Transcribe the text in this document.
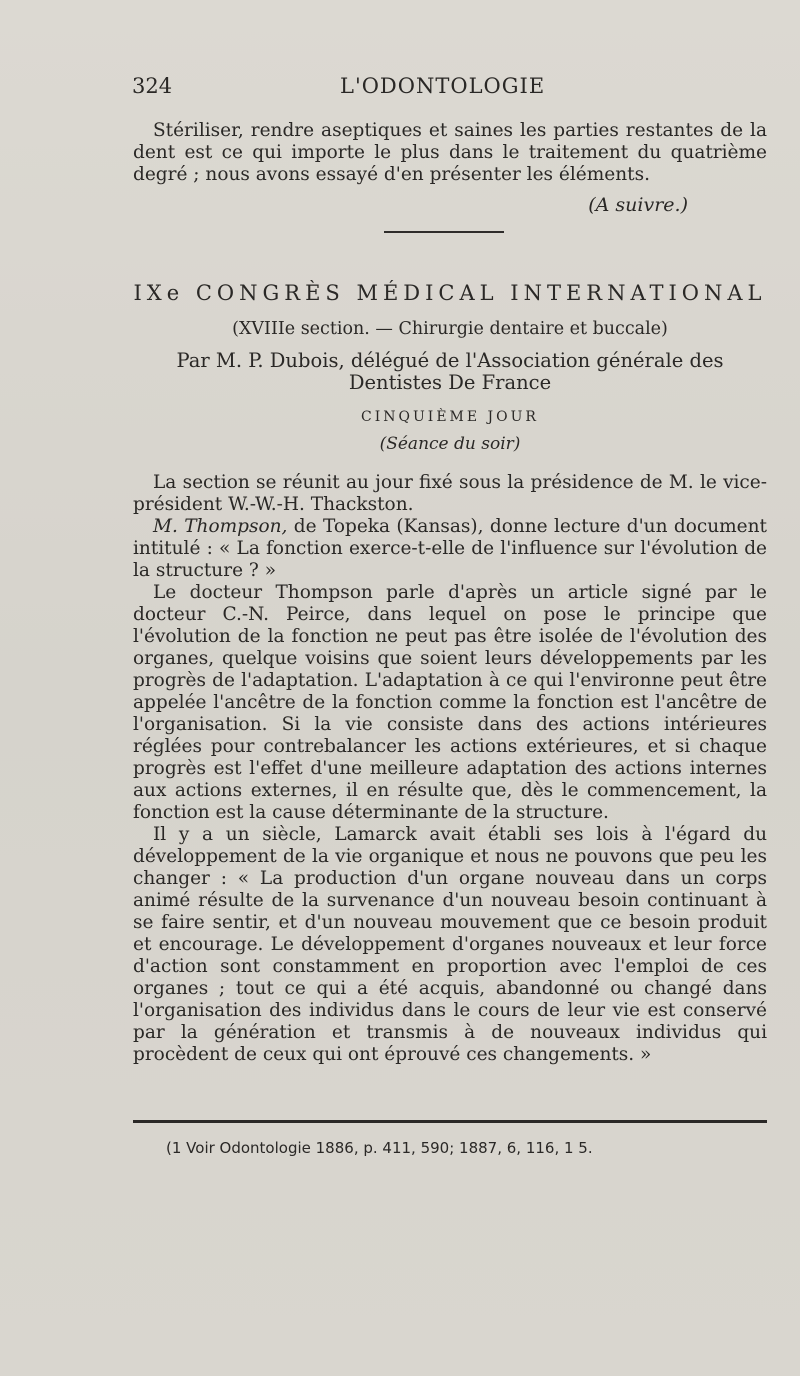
324	L'ODONTOLOGIE

Stériliser, rendre aseptiques et saines les parties restantes de la dent est ce qui importe le plus dans le traitement du quatrième degré ; nous avons essayé d'en présenter les éléments.

(A suivre.)
IXe CONGRÈS MÉDICAL INTERNATIONAL
(XVIIIe section. — Chirurgie dentaire et buccale)
Par M. P. Dubois, délégué de l'Association générale des Dentistes De France
CINQUIÈME JOUR
(Séance du soir)

La section se réunit au jour fixé sous la présidence de M. le vice-président W.-W.-H. Thackston.

M. Thompson, de Topeka (Kansas), donne lecture d'un document intitulé : « La fonction exerce-t-elle de l'influence sur l'évolution de la structure ? »

Le docteur Thompson parle d'après un article signé par le docteur C.-N. Peirce, dans lequel on pose le principe que l'évolution de la fonction ne peut pas être isolée de l'évolution des organes, quelque voisins que soient leurs développements par les progrès de l'adaptation. L'adaptation à ce qui l'environne peut être appelée l'ancêtre de la fonction comme la fonction est l'ancêtre de l'organisation. Si la vie consiste dans des actions intérieures réglées pour contrebalancer les actions extérieures, et si chaque progrès est l'effet d'une meilleure adaptation des actions internes aux actions externes, il en résulte que, dès le commencement, la fonction est la cause déterminante de la structure.

Il y a un siècle, Lamarck avait établi ses lois à l'égard du développement de la vie organique et nous ne pouvons que peu les changer : « La production d'un organe nouveau dans un corps animé résulte de la survenance d'un nouveau besoin continuant à se faire sentir, et d'un nouveau mouvement que ce besoin produit et encourage. Le développement d'organes nouveaux et leur force d'action sont constamment en proportion avec l'emploi de ces organes ; tout ce qui a été acquis, abandonné ou changé dans l'organisation des individus dans le cours de leur vie est conservé par la génération et transmis à de nouveaux individus qui procèdent de ceux qui ont éprouvé ces changements. »

(1 Voir Odontologie 1886, p. 411, 590; 1887, 6, 116, 1 5.
